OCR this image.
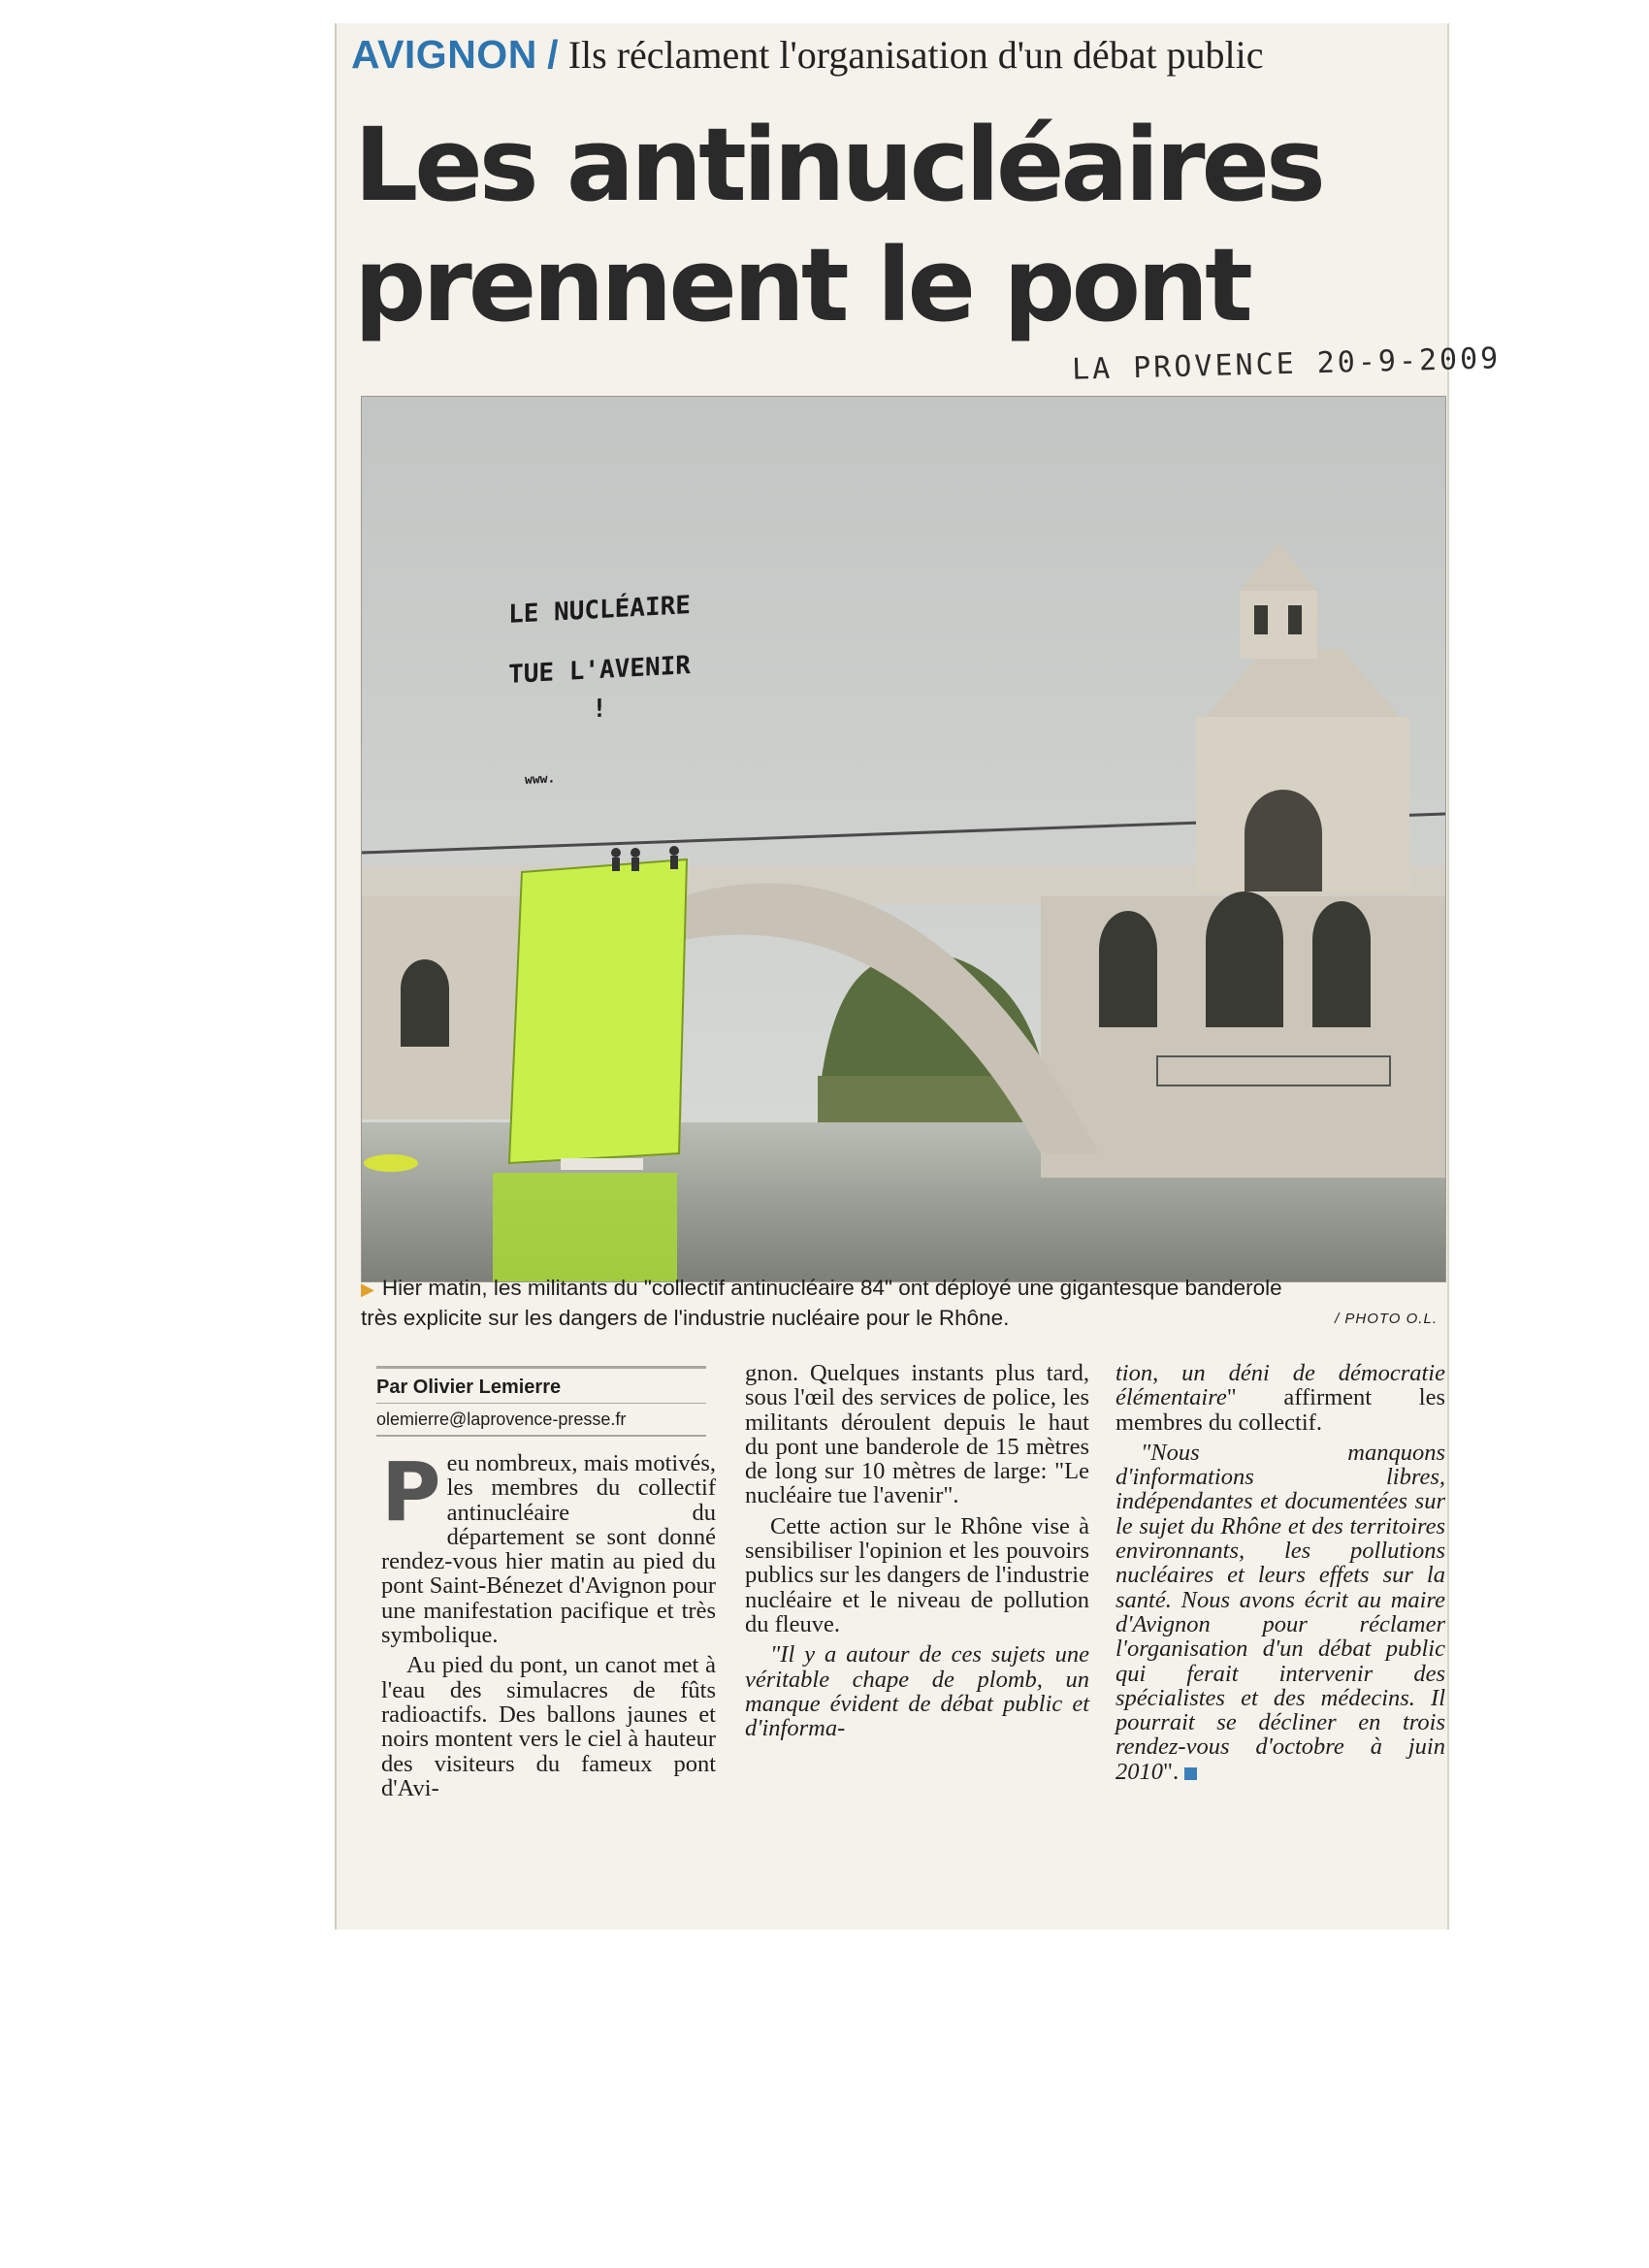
AVIGNON / Ils réclament l'organisation d'un débat public
Les antinucléaires
prennent le pont
LA PROVENCE 20-9-2009
LE NUCLÉAIRE
TUE L'AVENIR !
www.
▶ Hier matin, les militants du "collectif antinucléaire 84" ont déployé une gigantesque banderole
très explicite sur les dangers de l'industrie nucléaire pour le Rhône.	/ PHOTO O.L.
Par Olivier Lemierre
olemierre@laprovence-presse.fr

Peu nombreux, mais motivés, les membres du collectif antinucléaire du département se sont donné rendez-vous hier matin au pied du pont Saint-Bénezet d'Avignon pour une manifestation pacifique et très symbolique.

Au pied du pont, un canot met à l'eau des simulacres de fûts radioactifs. Des ballons jaunes et noirs montent vers le ciel à hauteur des visiteurs du fameux pont d'Avi-

gnon. Quelques instants plus tard, sous l'œil des services de police, les militants déroulent depuis le haut du pont une banderole de 15 mètres de long sur 10 mètres de large: "Le nucléaire tue l'avenir".

Cette action sur le Rhône vise à sensibiliser l'opinion et les pouvoirs publics sur les dangers de l'industrie nucléaire et le niveau de pollution du fleuve.

"Il y a autour de ces sujets une véritable chape de plomb, un manque évident de débat public et d'informa-

tion, un déni de démocratie élémentaire" affirment les membres du collectif.

"Nous manquons d'informations libres, indépendantes et documentées sur le sujet du Rhône et des territoires environnants, les pollutions nucléaires et leurs effets sur la santé. Nous avons écrit au maire d'Avignon pour réclamer l'organisation d'un débat public qui ferait intervenir des spécialistes et des médecins. Il pourrait se décliner en trois rendez-vous d'octobre à juin 2010".
